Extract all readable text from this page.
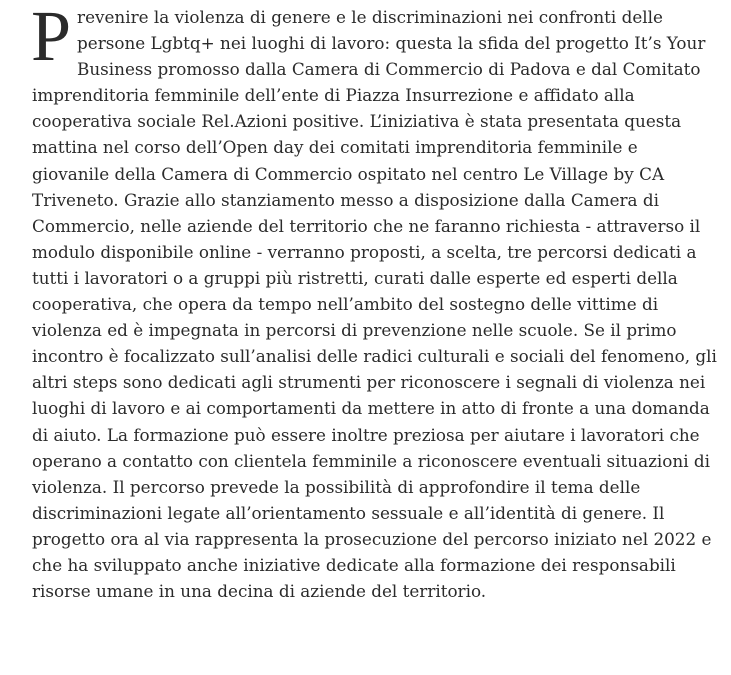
Prevenire la violenza di genere e le discriminazioni nei confronti delle persone Lgbtq+ nei luoghi di lavoro: questa la sfida del progetto It’s Your Business promosso dalla Camera di Commercio di Padova e dal Comitato imprenditoria femminile dell’ente di Piazza Insurrezione e affidato alla cooperativa sociale Rel.Azioni positive. L’iniziativa è stata presentata questa mattina nel corso dell’Open day dei comitati imprenditoria femminile e giovanile della Camera di Commercio ospitato nel centro Le Village by CA Triveneto. Grazie allo stanziamento messo a disposizione dalla Camera di Commercio, nelle aziende del territorio che ne faranno richiesta - attraverso il modulo disponibile online - verranno proposti, a scelta, tre percorsi dedicati a tutti i lavoratori o a gruppi più ristretti, curati dalle esperte ed esperti della cooperativa, che opera da tempo nell’ambito del sostegno delle vittime di violenza ed è impegnata in percorsi di prevenzione nelle scuole. Se il primo incontro è focalizzato sull’analisi delle radici culturali e sociali del fenomeno, gli altri steps sono dedicati agli strumenti per riconoscere i segnali di violenza nei luoghi di lavoro e ai comportamenti da mettere in atto di fronte a una domanda di aiuto. La formazione può essere inoltre preziosa per aiutare i lavoratori che operano a contatto con clientela femminile a riconoscere eventuali situazioni di violenza. Il percorso prevede la possibilità di approfondire il tema delle discriminazioni legate all’orientamento sessuale e all’identità di genere. Il progetto ora al via rappresenta la prosecuzione del percorso iniziato nel 2022 e che ha sviluppato anche iniziative dedicate alla formazione dei responsabili risorse umane in una decina di aziende del territorio.
